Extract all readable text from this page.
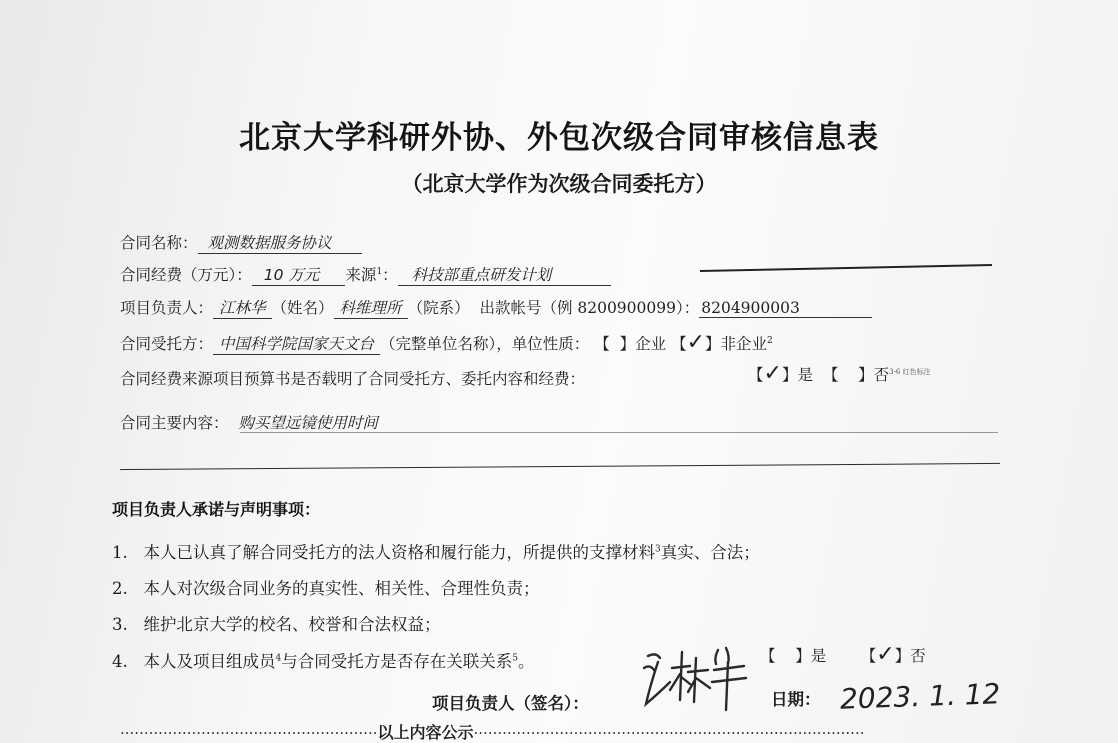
北京大学科研外协、外包次级合同审核信息表
（北京大学作为次级合同委托方）
合同名称： 观测数据服务协议
合同经费（万元）： 10 万元 来源$^1$： 科技部重点研发计划
项目负责人： 江林华 （姓名） 科维理所 （院系） 出款帐号（例 8200900099）： 8204900003
合同受托方： 中国科学院国家天文台 （完整单位名称），单位性质： 【 】企业 【✓】非企业$^2$
合同经费来源项目预算书是否载明了合同受托方、委托内容和经费：	【✓】是 【 】否$^{3-6 红色标注}$
合同主要内容： 购买望远镜使用时间
项目负责人承诺与声明事项：
1. 本人已认真了解合同受托方的法人资格和履行能力，所提供的支撑材料$^3$真实、合法；
2. 本人对次级合同业务的真实性、相关性、合理性负责；
3. 维护北京大学的校名、校誉和合法权益；
4. 本人及项目组成员$^4$与合同受托方是否存在关联关系$^5$。	【 】是 【✓】否
项目负责人（签名）：	日期： 2023. 1. 12
······················································以上内容公示··················································································
